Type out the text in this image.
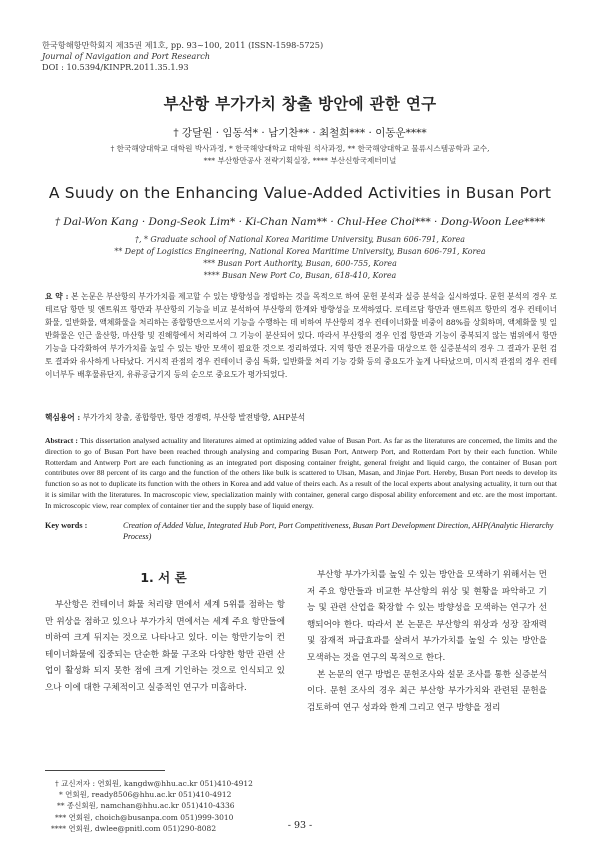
한국항해항만학회지 제35권 제1호, pp. 93~100, 2011 (ISSN-1598-5725)
Journal of Navigation and Port Research
DOI : 10.5394/KINPR.2011.35.1.93
부산항 부가가치 창출 방안에 관한 연구
† 강달원 · 임동석* · 남기찬** · 최철희*** · 이동운****
† 한국해양대학교 대학원 박사과정, * 한국해양대학교 대학원 석사과정, ** 한국해양대학교 물류시스템공학과 교수,
*** 부산항만공사 전략기획실장, **** 부산신항국제터미널
A Suudy on the Enhancing Value-Added Activities in Busan Port
† Dal-Won Kang · Dong-Seok Lim* · Ki-Chan Nam** · Chul-Hee Choi*** · Dong-Woon Lee****
†, * Graduate school of National Korea Maritime University, Busan 606-791, Korea
** Dept of Logistics Engineering, National Korea Maritime University, Busan 606-791, Korea
*** Busan Port Authority, Busan, 600-755, Korea
**** Busan New Port Co, Busan, 618-410, Korea
요 약 : 본 논문은 부산항의 부가가치를 제고할 수 있는 방향성을 정립하는 것을 목적으로 하여 문헌 분석과 실증 분석을 실시하였다. 문헌 분석의 경우 로테르담 항만 및 앤트워프 항만과 부산항의 기능을 비교 분석하여 부산항의 한계와 방향성을 모색하였다. 로테르담 항만과 앤트워프 항만의 경우 컨테이너화물, 일반화물, 액체화물을 처리하는 종합항만으로서의 기능을 수행하는 데 비하여 부산항의 경우 컨테이너화물 비중이 88%를 상회하며, 액체화물 및 일반화물은 인근 울산항, 마산항 및 진해항에서 처리하여 그 기능이 분산되어 있다. 따라서 부산항의 경우 인접 항만과 기능이 중복되지 않는 범위에서 항만 기능을 다각화하여 부가가치를 높일 수 있는 방안 모색이 필요한 것으로 정리하였다. 지역 항만 전문가를 대상으로 한 실증분석의 경우 그 결과가 문헌 검토 결과와 유사하게 나타났다. 거시적 관점의 경우 컨테이너 중심 특화, 일반화물 처리 기능 강화 등의 중요도가 높게 나타났으며, 미시적 관점의 경우 컨테이너부두 배후물류단지, 유류공급기지 등의 순으로 중요도가 평가되었다.
핵심용어 : 부가가치 창출, 종합항만, 항만 경쟁력, 부산항 발전방향, AHP분석
Abstract : This dissertation analysed actuality and literatures aimed at optimizing added value of Busan Port. As far as the literatures are concerned, the limits and the direction to go of Busan Port have been reached through analysing and comparing Busan Port, Antwerp Port, and Rotterdam Port by their each function. While Rotterdam and Antwerp Port are each functioning as an integrated port disposing container freight, general freight and liquid cargo, the container of Busan port contributes over 88 percent of its cargo and the function of the others like bulk is scattered to Ulsan, Masan, and Jinjae Port. Hereby, Busan Port needs to develop its function so as not to duplicate its function with the others in Korea and add value of theirs each. As a result of the local experts about analysing actuality, it turn out that it is similar with the literatures. In macroscopic view, specialization mainly with container, general cargo disposal ability enforcement and etc. are the most important. In microscopic view, rear complex of container tier and the supply base of liquid energy.
Key words :	Creation of Added Value, Integrated Hub Port, Port Competitiveness, Busan Port Development Direction, AHP(Analytic Hierarchy Process)
1. 서 론

부산항은 컨테이너 화물 처리량 면에서 세계 5위를 점하는 항만 위상을 점하고 있으나 부가가치 면에서는 세계 주요 항만들에 비하여 크게 뒤지는 것으로 나타나고 있다. 이는 항만기능이 컨테이너화물에 집중되는 단순한 화물 구조와 다양한 항만 관련 산업이 활성화 되지 못한 점에 크게 기인하는 것으로 인식되고 있으나 이에 대한 구체적이고 실증적인 연구가 미흡하다.

부산항 부가가치를 높일 수 있는 방안을 모색하기 위해서는 먼저 주요 항만들과 비교한 부산항의 위상 및 현황을 파악하고 기능 및 관련 산업을 확장할 수 있는 방향성을 모색하는 연구가 선행되어야 한다. 따라서 본 논문은 부산항의 위상과 성장 잠재력 및 잠재적 파급효과를 살려서 부가가치를 높일 수 있는 방안을 모색하는 것을 연구의 목적으로 한다.

본 논문의 연구 방법은 문헌조사와 설문 조사를 통한 실증분석이다. 문헌 조사의 경우 최근 부산항 부가가치와 관련된 문헌을 검토하여 연구 성과와 한계 그리고 연구 방향을 정리

† 교신저자 : 연회원, kangdw@hhu.ac.kr 051)410-4912
* 연회원, ready8506@hhu.ac.kr 051)410-4912
** 종신회원, namchan@hhu.ac.kr 051)410-4336
*** 연회원, choich@busanpa.com 051)999-3010
**** 연회원, dwlee@pnitl.com 051)290-8082	- 93 -
